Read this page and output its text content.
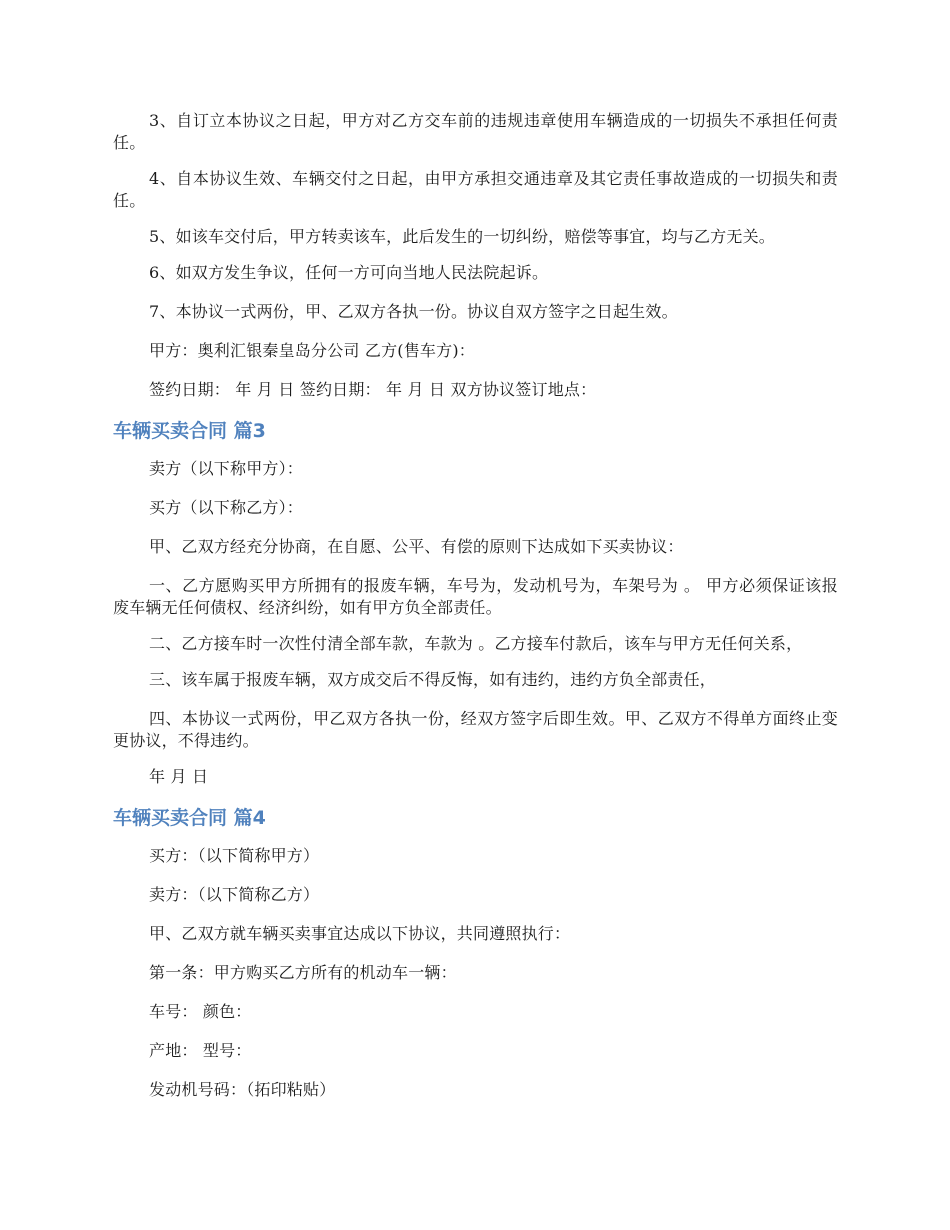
3、自订立本协议之日起，甲方对乙方交车前的违规违章使用车辆造成的一切损失不承担任何责任。

4、自本协议生效、车辆交付之日起，由甲方承担交通违章及其它责任事故造成的一切损失和责任。

5、如该车交付后，甲方转卖该车，此后发生的一切纠纷，赔偿等事宜，均与乙方无关。

6、如双方发生争议，任何一方可向当地人民法院起诉。

7、本协议一式两份，甲、乙双方各执一份。协议自双方签字之日起生效。

甲方：奥利汇银秦皇岛分公司 乙方(售车方)：

签约日期： 年 月 日 签约日期： 年 月 日 双方协议签订地点：

车辆买卖合同 篇3

卖方（以下称甲方）：

买方（以下称乙方）：

甲、乙双方经充分协商，在自愿、公平、有偿的原则下达成如下买卖协议：

一、乙方愿购买甲方所拥有的报废车辆，车号为，发动机号为，车架号为 。 甲方必须保证该报废车辆无任何债权、经济纠纷，如有甲方负全部责任。

二、乙方接车时一次性付清全部车款，车款为 。乙方接车付款后，该车与甲方无任何关系，

三、该车属于报废车辆，双方成交后不得反悔，如有违约，违约方负全部责任，

四、本协议一式两份，甲乙双方各执一份，经双方签字后即生效。甲、乙双方不得单方面终止变更协议，不得违约。

年 月 日

车辆买卖合同 篇4

买方：（以下简称甲方）

卖方：（以下简称乙方）

甲、乙双方就车辆买卖事宜达成以下协议，共同遵照执行：

第一条：甲方购买乙方所有的机动车一辆：

车号： 颜色：

产地： 型号：

发动机号码：（拓印粘贴）
